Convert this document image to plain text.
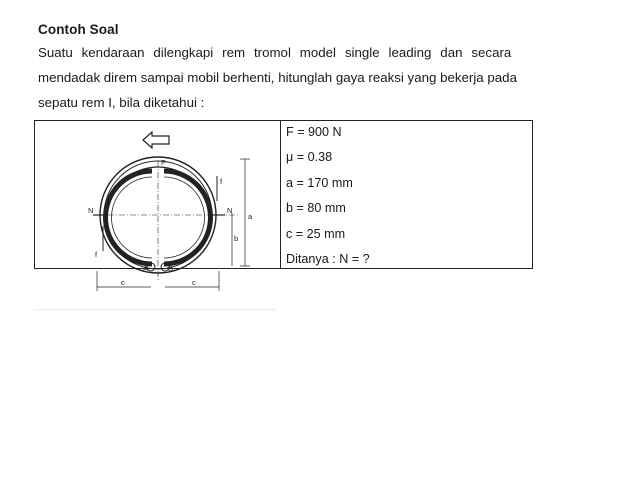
Contoh Soal
Suatu kendaraan dilengkapi rem tromol model single leading dan secara
mendadak direm sampai mobil berhenti, hitunglah gaya reaksi yang bekerja pada
sepatu rem I, bila diketahui :
F
N	N
f
f
a
b
c	c
A	B
F = 900 N
μ = 0.38
a = 170 mm
b = 80 mm
c = 25 mm
Ditanya : N = ?
